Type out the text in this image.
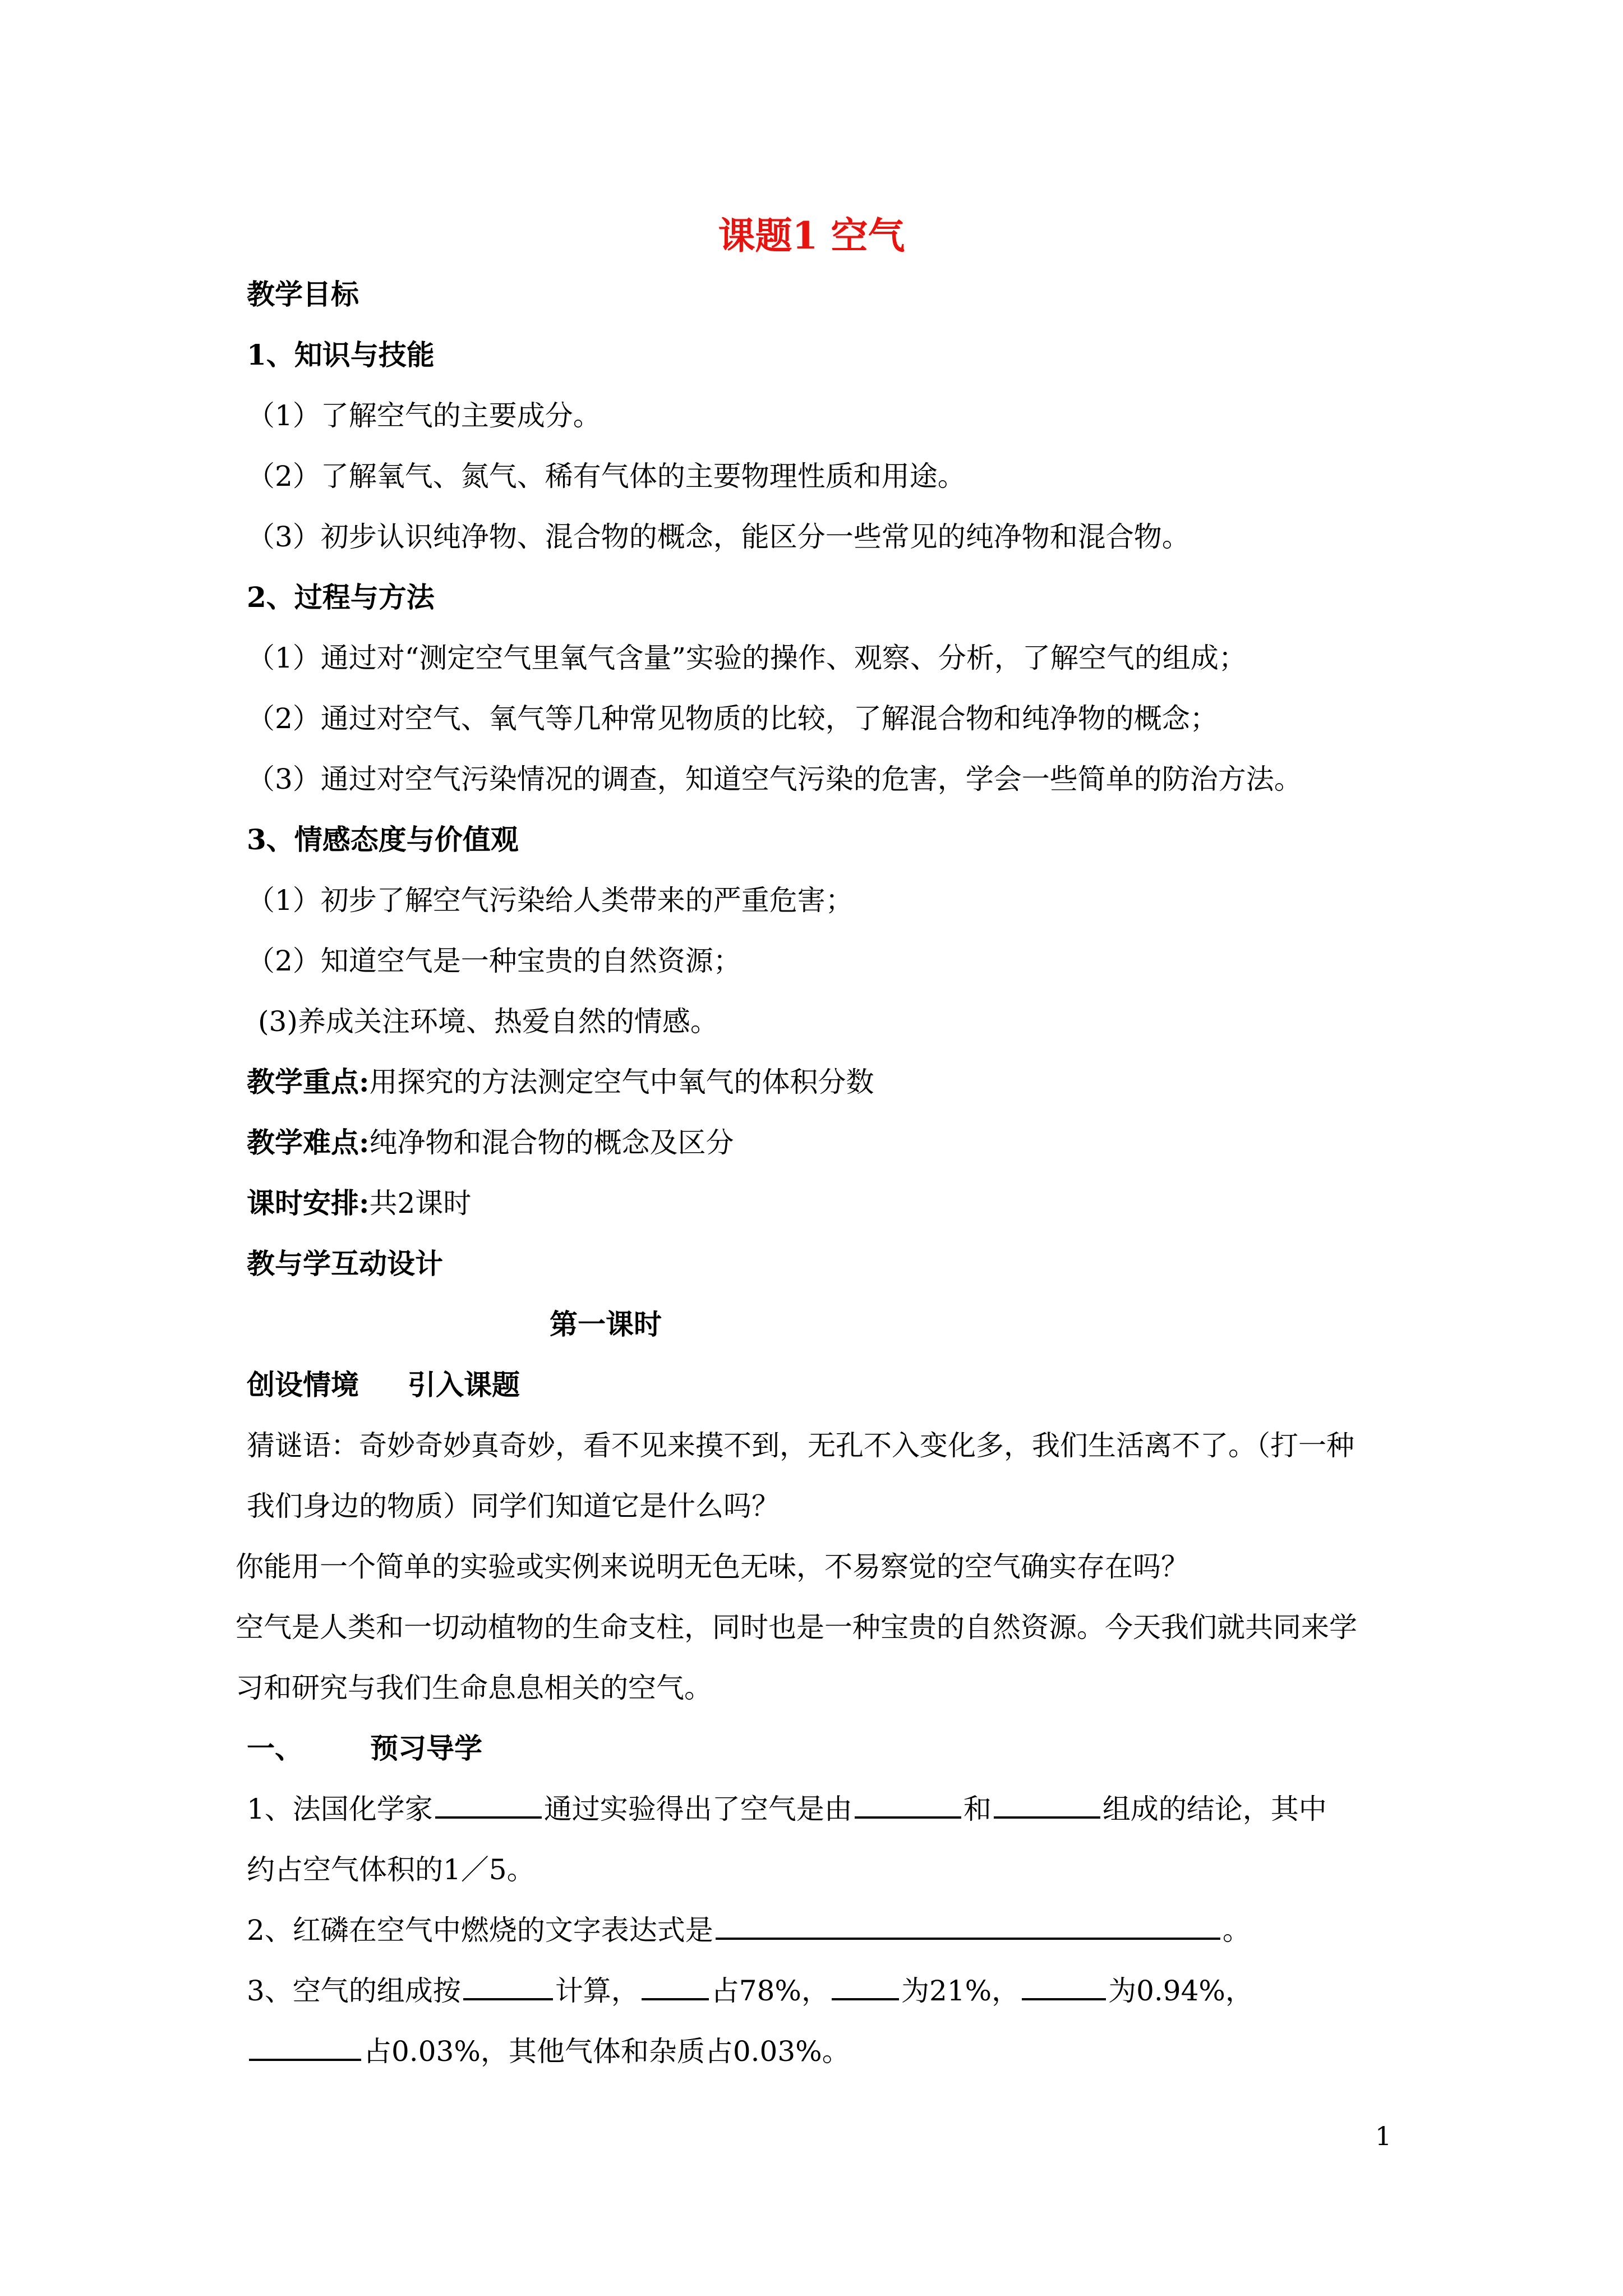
课题1 空气
教学目标
1、知识与技能
（1）了解空气的主要成分。
（2）了解氧气、氮气、稀有气体的主要物理性质和用途。
（3）初步认识纯净物、混合物的概念，能区分一些常见的纯净物和混合物。
2、过程与方法
（1）通过对“测定空气里氧气含量”实验的操作、观察、分析，了解空气的组成；
（2）通过对空气、氧气等几种常见物质的比较，了解混合物和纯净物的概念；
（3）通过对空气污染情况的调查，知道空气污染的危害，学会一些简单的防治方法。
3、情感态度与价值观
（1）初步了解空气污染给人类带来的严重危害；
（2）知道空气是一种宝贵的自然资源；
(3)养成关注环境、热爱自然的情感。
教学重点:用探究的方法测定空气中氧气的体积分数
教学难点:纯净物和混合物的概念及区分
课时安排:共2课时
教与学互动设计
第一课时
创设情境     引入课题
猜谜语：奇妙奇妙真奇妙，看不见来摸不到，无孔不入变化多，我们生活离不了。（打一种
我们身边的物质）同学们知道它是什么吗？
你能用一个简单的实验或实例来说明无色无味，不易察觉的空气确实存在吗？
空气是人类和一切动植物的生命支柱，同时也是一种宝贵的自然资源。今天我们就共同来学
习和研究与我们生命息息相关的空气。
一、 预习导学
1、法国化学家	通过实验得出了空气是由	和	组成的结论，其中
约占空气体积的1／5。
2、红磷在空气中燃烧的文字表达式是	。
3、空气的组成按	计算，	占78%，	为21%，	为0.94%，
占0.03%，其他气体和杂质占0.03%。
1
